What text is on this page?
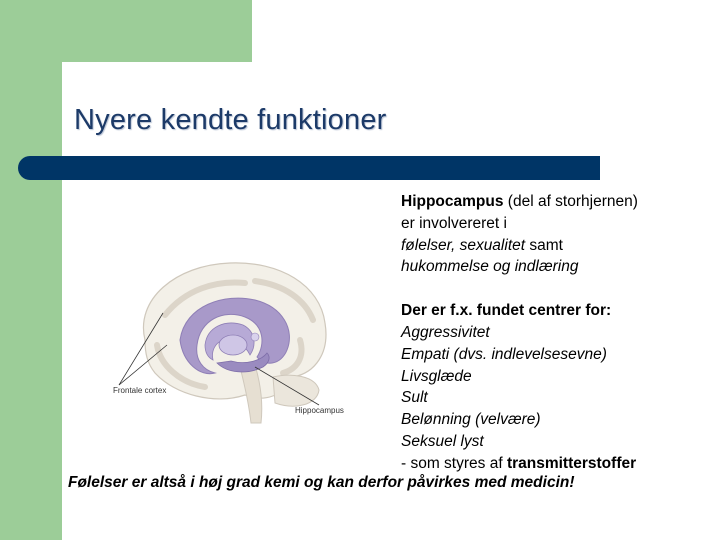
Nyere kendte funktioner
Frontale cortex
Hippocampus
Hippocampus (del af storhjernen)
er involvereret i
følelser, sexualitet samt
hukommelse og indlæring
Der er f.x. fundet centrer for:
Aggressivitet
Empati (dvs. indlevelsesevne)
Livsglæde
Sult
Belønning (velvære)
Seksuel lyst
- som styres af transmitterstoffer
Følelser er altså i høj grad kemi og kan derfor påvirkes med medicin!
